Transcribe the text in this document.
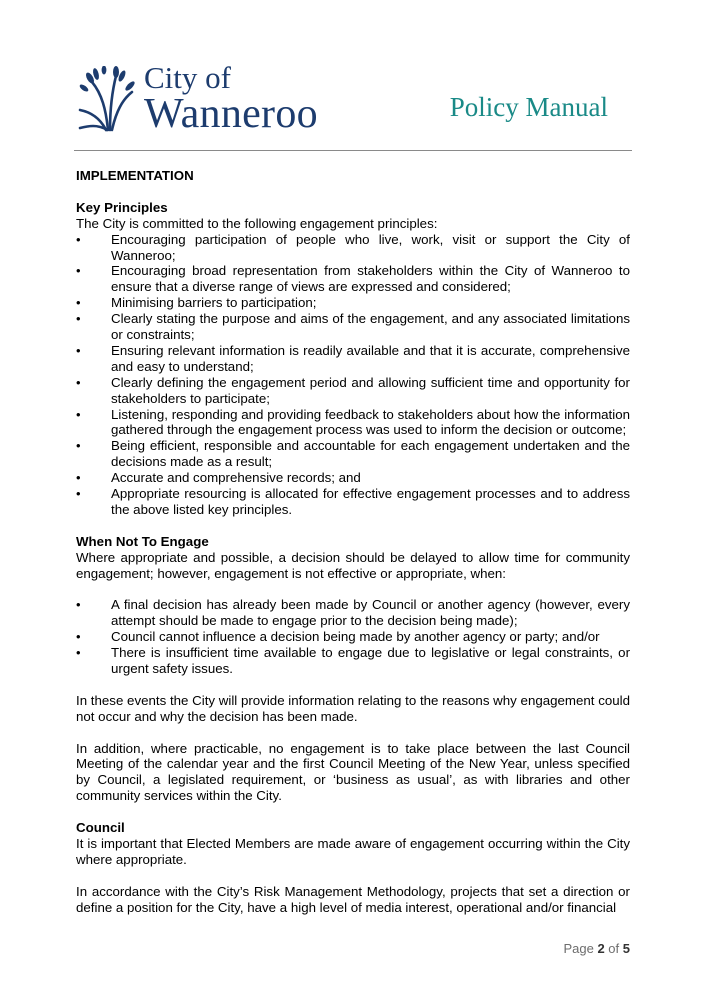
City of
Wanneroo	Policy Manual
IMPLEMENTATION
Key Principles

The City is committed to the following engagement principles:

• Encouraging participation of people who live, work, visit or support the City of Wanneroo;
• Encouraging broad representation from stakeholders within the City of Wanneroo to ensure that a diverse range of views are expressed and considered;
• Minimising barriers to participation;
• Clearly stating the purpose and aims of the engagement, and any associated limitations or constraints;
• Ensuring relevant information is readily available and that it is accurate, comprehensive and easy to understand;
• Clearly defining the engagement period and allowing sufficient time and opportunity for stakeholders to participate;
• Listening, responding and providing feedback to stakeholders about how the information gathered through the engagement process was used to inform the decision or outcome;
• Being efficient, responsible and accountable for each engagement undertaken and the decisions made as a result;
• Accurate and comprehensive records; and
• Appropriate resourcing is allocated for effective engagement processes and to address the above listed key principles.
When Not To Engage

Where appropriate and possible, a decision should be delayed to allow time for community engagement; however, engagement is not effective or appropriate, when:

• A final decision has already been made by Council or another agency (however, every attempt should be made to engage prior to the decision being made);
• Council cannot influence a decision being made by another agency or party; and/or
• There is insufficient time available to engage due to legislative or legal constraints, or urgent safety issues.

In these events the City will provide information relating to the reasons why engagement could not occur and why the decision has been made.

In addition, where practicable, no engagement is to take place between the last Council Meeting of the calendar year and the first Council Meeting of the New Year, unless specified by Council, a legislated requirement, or ‘business as usual’, as with libraries and other community services within the City.

Council

It is important that Elected Members are made aware of engagement occurring within the City where appropriate.

In accordance with the City’s Risk Management Methodology, projects that set a direction or define a position for the City, have a high level of media interest, operational and/or financial

Page 2 of 5
